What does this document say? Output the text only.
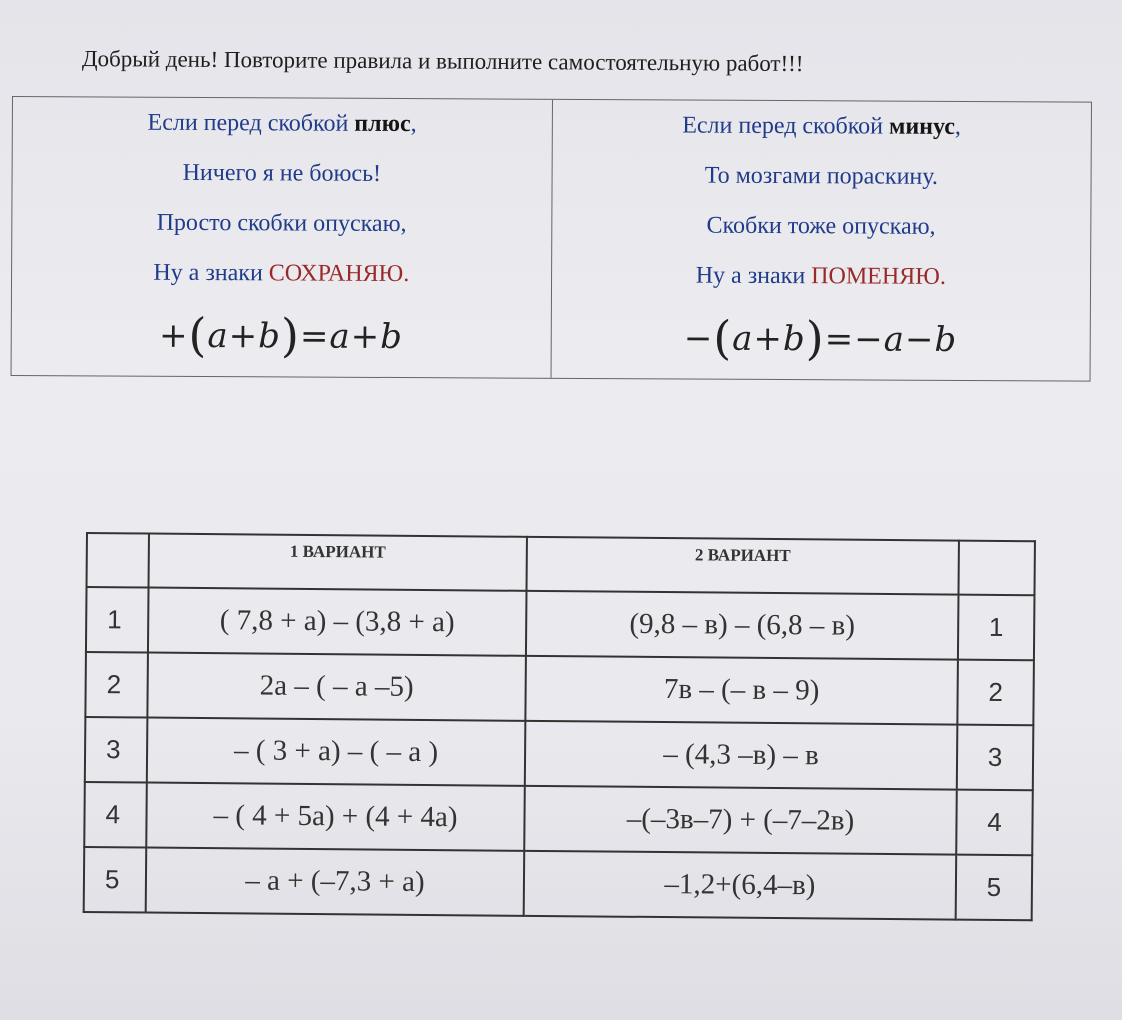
Добрый день! Повторите правила и выполните самостоятельную работ!!!
Если перед скобкой плюс,
Ничего я не боюсь!
Просто скобки опускаю,
Ну а знаки СОХРАНЯЮ.
+(a+b)=a+b
Если перед скобкой минус,
То мозгами пораскину.
Скобки тоже опускаю,
Ну а знаки ПОМЕНЯЮ.
−(a+b)=−a−b
	1 ВАРИАНТ	2 ВАРИАНТ	
1	( 7,8 + а) – (3,8 + а)	(9,8 – в) – (6,8 – в)	1
2	2а – ( – а –5)	7в – (– в – 9)	2
3	– ( 3 + а) – ( – а )	– (4,3 –в) – в	3
4	– ( 4 + 5а) + (4 + 4а)	–(–3в–7) + (–7–2в)	4
5	– а + (–7,3 + а)	–1,2+(6,4–в)	5
